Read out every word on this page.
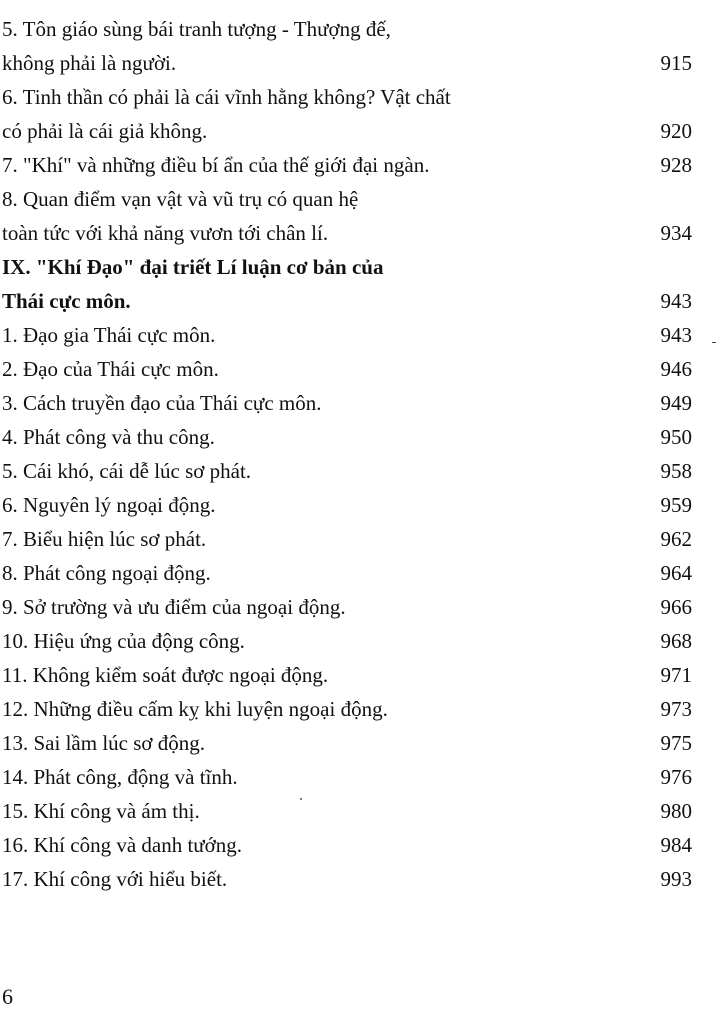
5. Tôn giáo sùng bái tranh tượng - Thượng đế,
không phải là người.	915
6. Tinh thần có phải là cái vĩnh hằng không? Vật chất
có phải là cái giả không.	920
7. "Khí" và những điều bí ẩn của thế giới đại ngàn.	928
8. Quan điểm vạn vật và vũ trụ có quan hệ
toàn tức với khả năng vươn tới chân lí.	934
IX. "Khí Đạo" đại triết Lí luận cơ bản của
Thái cực môn.	943
1. Đạo gia Thái cực môn.	943
2. Đạo của Thái cực môn.	946
3. Cách truyền đạo của Thái cực môn.	949
4. Phát công và thu công.	950
5. Cái khó, cái dễ lúc sơ phát.	958
6. Nguyên lý ngoại động.	959
7. Biểu hiện lúc sơ phát.	962
8. Phát công ngoại động.	964
9. Sở trường và ưu điểm của ngoại động.	966
10. Hiệu ứng của động công.	968
11. Không kiểm soát được ngoại động.	971
12. Những điều cấm kỵ khi luyện ngoại động.	973
13. Sai lầm lúc sơ động.	975
14. Phát công, động và tĩnh.	976
15. Khí công và ám thị.	980
16. Khí công và danh tướng.	984
17. Khí công với hiểu biết.	993
6
